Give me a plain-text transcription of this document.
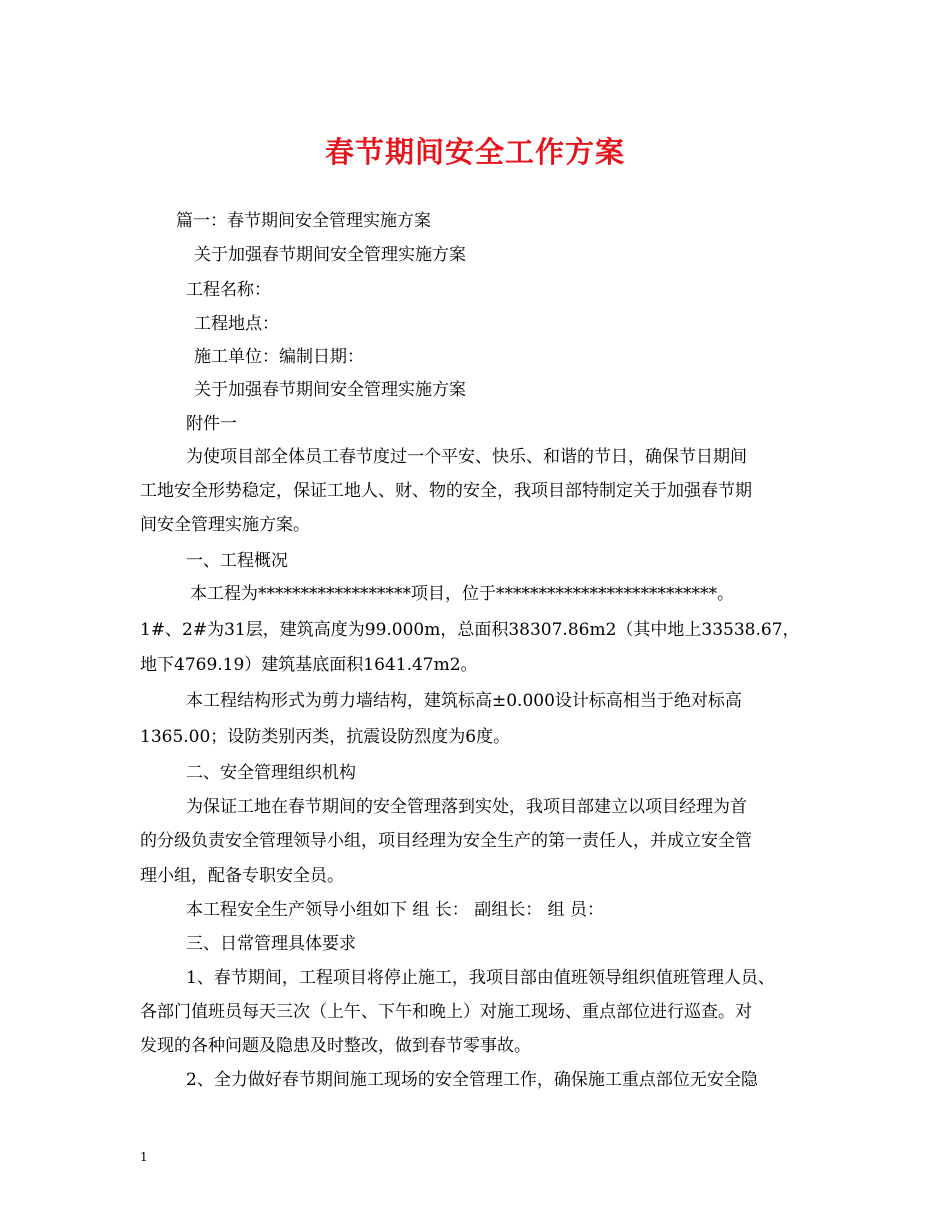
春节期间安全工作方案
篇一：春节期间安全管理实施方案
关于加强春节期间安全管理实施方案
工程名称：
工程地点：
施工单位：编制日期：
关于加强春节期间安全管理实施方案
附件一
为使项目部全体员工春节度过一个平安、快乐、和谐的节日，确保节日期间
工地安全形势稳定，保证工地人、财、物的安全，我项目部特制定关于加强春节期
间安全管理实施方案。
一、工程概况
本工程为******************项目，位于**************************。
1#、2#为31层，建筑高度为99.000m，总面积38307.86m2（其中地上33538.67，
地下4769.19）建筑基底面积1641.47m2。
本工程结构形式为剪力墙结构，建筑标高±0.000设计标高相当于绝对标高
1365.00；设防类别丙类，抗震设防烈度为6度。
二、安全管理组织机构
为保证工地在春节期间的安全管理落到实处，我项目部建立以项目经理为首
的分级负责安全管理领导小组，项目经理为安全生产的第一责任人，并成立安全管
理小组，配备专职安全员。
本工程安全生产领导小组如下 组 长： 副组长： 组 员：
三、日常管理具体要求
1、春节期间，工程项目将停止施工，我项目部由值班领导组织值班管理人员、
各部门值班员每天三次（上午、下午和晚上）对施工现场、重点部位进行巡查。对
发现的各种问题及隐患及时整改，做到春节零事故。
2、全力做好春节期间施工现场的安全管理工作，确保施工重点部位无安全隐
1
